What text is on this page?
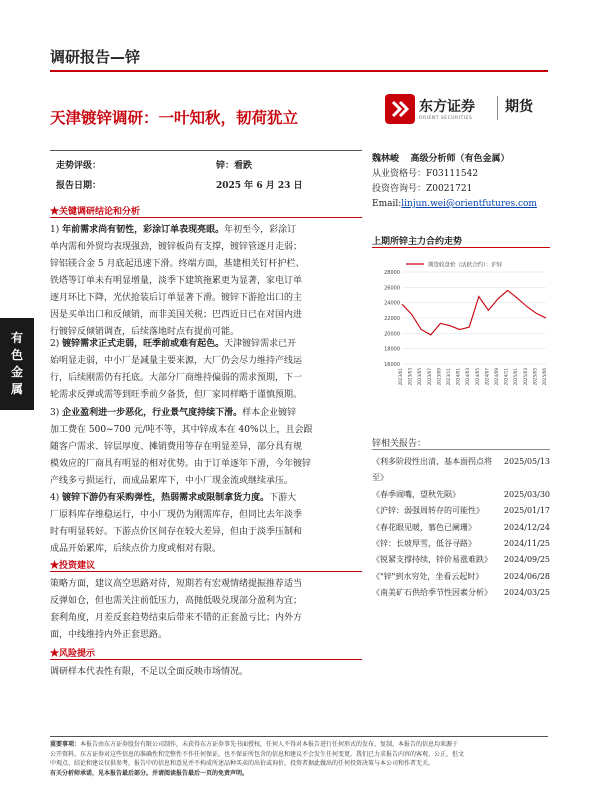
调研报告—锌
天津镀锌调研：一叶知秋，韧荷犹立
东方证券
ORIENT SECURITIES
期货
走势评级：	锌：看跌
报告日期：	2025 年 6 月 23 日
魏林峻 高级分析师（有色金属）
从业资格号：F03111542
投资咨询号：Z0021721
Email:linjun.wei@orientfutures.com
有
色
金
属
★关键调研结论和分析
1) 年前需求尚有韧性，彩涂订单表现亮眼。年初至今，彩涂订
单内需和外贸均表现强劲，镀锌板尚有支撑，镀锌管逐月走弱；
锌铝镁合金 5 月底起迅速下滑。终端方面，基建相关钉杆护栏、
铁塔等订单未有明显增量，淡季下建筑拖累更为显著，家电订单
逐月环比下降，光伏抢装后订单显著下滑。镀锌下游抢出口的主
因是买单出口和反倾销，而非美国关税；巴西近日已在对国内进
行镀锌反倾销调查，后续落地时点有提前可能。
2) 镀锌需求正式走弱，旺季前或难有起色。天津镀锌需求已开
始明显走弱，中小厂是减量主要来源，大厂仍会尽力维持产线运
行，后续刚需仍有托底。大部分厂商维持偏弱的需求预期，下一
轮需求反弹或需等到旺季前夕备货，但厂家同样略于谨慎预期。
3) 企业盈利进一步恶化，行业景气度持续下滑。样本企业镀锌
加工费在 500~700 元/吨不等，其中锌成本在 40%以上，且会跟
随客户需求、锌层厚度、摊销费用等存在明显差异，部分具有规
模效应的厂商具有明显的相对优势。由于订单逐年下滑，今年镀锌
产线多亏损运行，而成品累库下，中小厂现金流或继续承压。
4) 镀锌下游仍有采购弹性，热弱需求或限制拿货力度。下游大
厂原料库存维稳运行，中小厂现仍为刚需库存，但同比去年淡季
时有明显转好。下游点价区间存在较大差异，但由于淡季压制和
成品开始累库，后续点价力度或相对有限。
★投资建议
策略方面，建议高空思路对待，短期若有宏观情绪提振推荐适当
反弹如仓，但也需关注前低压力，高抛低吸兑现部分盈利为宜；
套利角度，月差反套趋势结束后带来不错的正套盈亏比；内外方
面，中线维持内外正套思路。
★风险提示
调研样本代表性有限，不足以全面反映市场情况。
上期所锌主力合约走势
16000
18000
20000
22000
24000
26000
28000
2023/01 2023/03 2023/05 2023/07 2023/09 2023/11 2024/01 2024/03 2024/05 2024/07 2024/09 2024/11 2025/01 2025/03 2025/05 2025/06
期货收盘价（活跃合约）：沪锌
锌相关报告：
《利多阶段性出清，基本面拐点将至》
2025/05/13
《春季闹嘴，望秋先陨》	2025/03/30
《沪锌：弱强周转存的可能性》 2025/01/17
《春花眼见暖，慕色已阑珊》	2024/12/24
《锌：长坡厚雪，低谷寻路》	2024/11/25
《锐紧支撑持续，锌价易涨难跌》 2024/09/25
《"锌"到水穷处，坐看云起时》	2024/06/28
《南美矿石供给季节性因素分析》 2024/03/25
重要事项：本报告由东方证券股份有限公司制作，未获得东方证券事先书面授权，任何人不得对本报告进行任何形式的发布、复制，本报告的信息均来源于
公开资料，东方证券对这些信息的准确性和完整性不作任何保证，也不保证所包含的信息和建议不会发生任何变更，我们已力求报告内容的客观、公正，但文
中观点、结论和建议仅供参考，报告中的信息和意见并不构成所述品种买卖的出价或询价，投资者据此做出的任何投资决策与本公司和作者无关。
有关分析师承诺，见本报告最后部分。并请阅读报告最后一页的免责声明。
